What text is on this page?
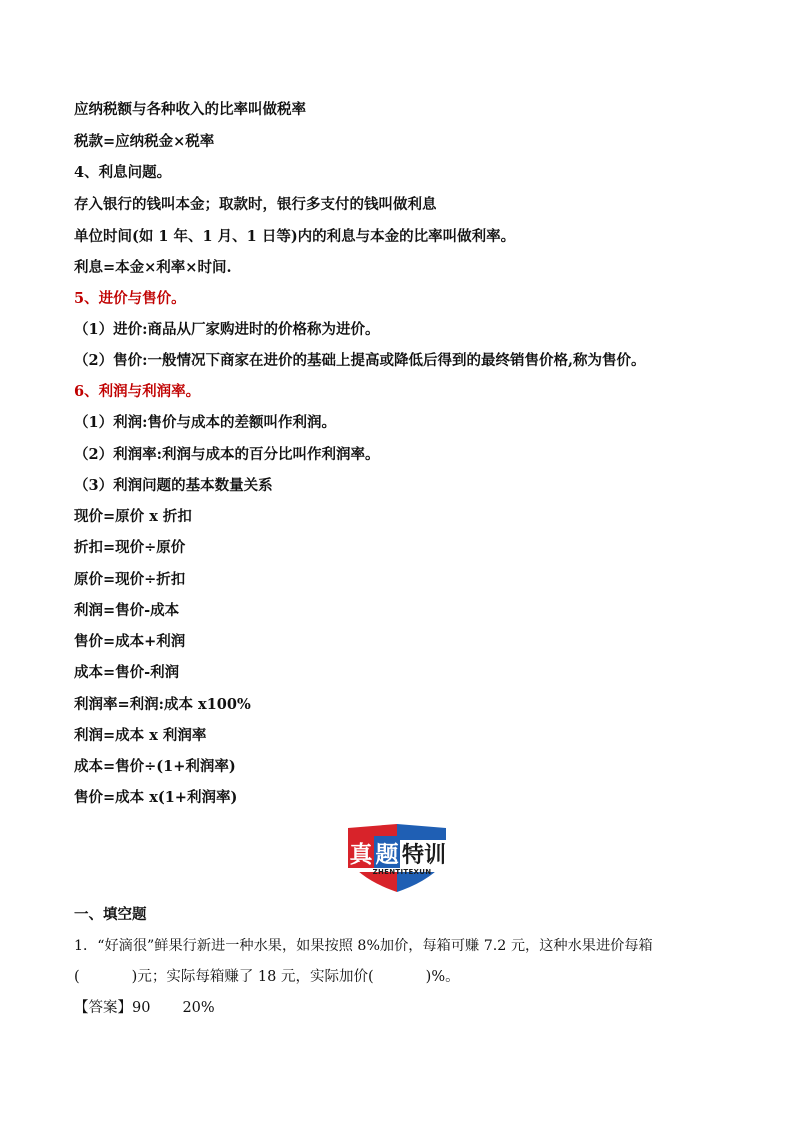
应纳税额与各种收入的比率叫做税率

税款=应纳税金×税率

4、利息问题。

存入银行的钱叫本金；取款时，银行多支付的钱叫做利息

单位时间(如 1 年、1 月、1 日等)内的利息与本金的比率叫做利率。

利息=本金×利率×时间.

5、进价与售价。

（1）进价:商品从厂家购进时的价格称为进价。

（2）售价:一般情况下商家在进价的基础上提高或降低后得到的最终销售价格,称为售价。

6、利润与利润率。

（1）利润:售价与成本的差额叫作利润。

（2）利润率:利润与成本的百分比叫作利润率。

（3）利润问题的基本数量关系

现价=原价 x 折扣

折扣=现价÷原价

原价=现价÷折扣

利润=售价-成本

售价=成本+利润

成本=售价-利润

利润率=利润:成本 x100%

利润=成本 x 利润率

成本=售价÷(1+利润率)

售价=成本 x(1+利润率)

真 题 特训
ZHENTITEXUN

一、填空题

1．“好滴很”鲜果行新进一种水果，如果按照 8%加价，每箱可赚 7.2 元，这种水果进价每箱

(	)元；实际每箱赚了 18 元，实际加价(	)%。

【答案】90 20%
